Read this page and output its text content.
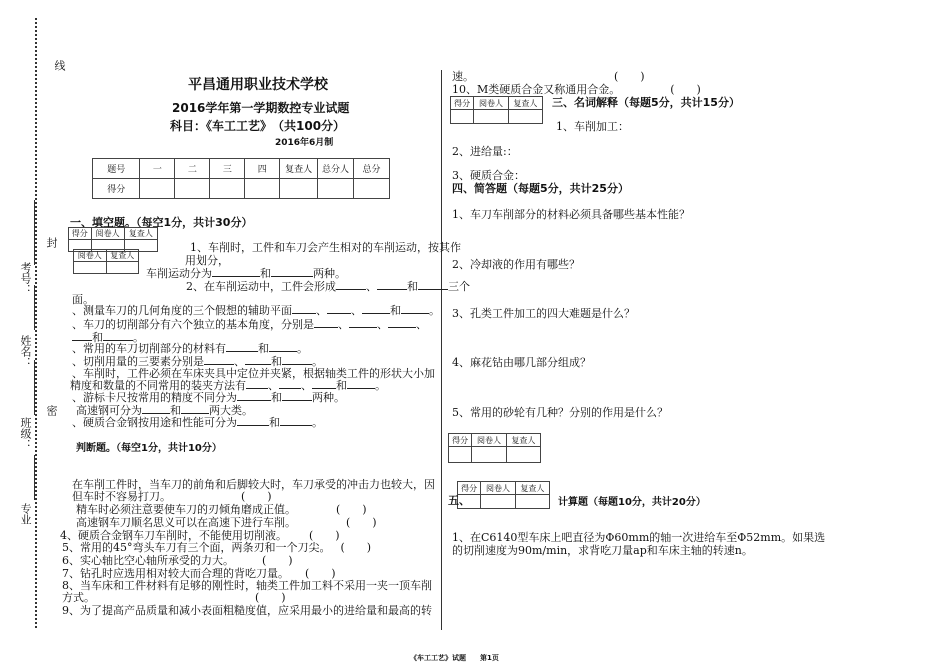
线
封
密
考号：
姓名：
班级：
专业
平昌通用职业技术学校
2016学年第一学期数控专业试题
科目：《车工工艺》　（共100分）
2016年6月制
题号	一	二	三	四	复查人	总分人	总分
得分							
一、填空题。（每空1分，共计30分）
得分	阅卷人	复查人

阅卷人	复查人

1、车削时，工件和车刀会产生相对的车削运动，按其作
用划分，
车削运动分为	和	两种。
2、在车削运动中，工件会形成	、	和	三个
面。
、测量车刀的几何角度的三个假想的辅助平面 、 、	和	。
、车刀的切削部分有六个独立的基本角度，分别是 、	、	、
和	。
、常用的车刀切削部分的材料有	和	。
、切削用量的三要素分别是	、 和	。
、车削时，工件必须在车床夹具中定位并夹紧，根据轴类工件的形状大小加
精度和数量的不同常用的装夹方法有 、 、 和	。
、游标卡尺按常用的精度不同分为	和	两种。
高速钢可分为	和	两大类。
、硬质合金钢按用途和性能可分为	和	。
判断题。（每空1分，共计10分）
在车削工件时，当车刀的前角和后脚较大时，车刀承受的冲击力也较大，因
但车时不容易打刀。	(　　)
精车时必须注意要使车刀的刃倾角磨成正值。	(　　)
高速钢车刀顺名思义可以在高速下进行车削。	(　　)
4、硬质合金钢车刀车削时，不能使用切削液。 (　　)
5、常用的45°弯头车刀有三个面，两条刃和一个刀尖。 (　　)
6、实心轴比空心轴所承受的力大。	(　　)
7、钻孔时应选用相对较大而合理的背吃刀量。 (　　)
8、当车床和工件材料有足够的刚性时，轴类工件加工料不采用一夹一顶车削
方式。	(　　)
9、为了提高产品质量和减小表面粗糙度值，应采用最小的进给量和最高的转
速。	(　　)
10、M类硬质合金又称通用合金。	(　　)
得分	阅卷人	复查人
		三、名词解释（每题5分，共计15分）
1、车削加工：
2、进给量:：
3、硬质合金：
四、简答题（每题5分，共计25分）
1、车刀车削部分的材料必须具备哪些基本性能？
2、冷却液的作用有哪些？
3、孔类工件加工的四大难题是什么？
4、麻花钻由哪几部分组成？
5、常用的砂轮有几种？分别的作用是什么？
得分	阅卷人	复查人

得分	阅卷人	复查人

五、	计算题（每题10分，共计20分）
1、在C6140型车床上吧直径为Φ60mm的轴一次进给车至Φ52mm。如果选
的切削速度为90m/min，求背吃刀量ap和车床主轴的转速n。
《车工工艺》试题　　第1页
